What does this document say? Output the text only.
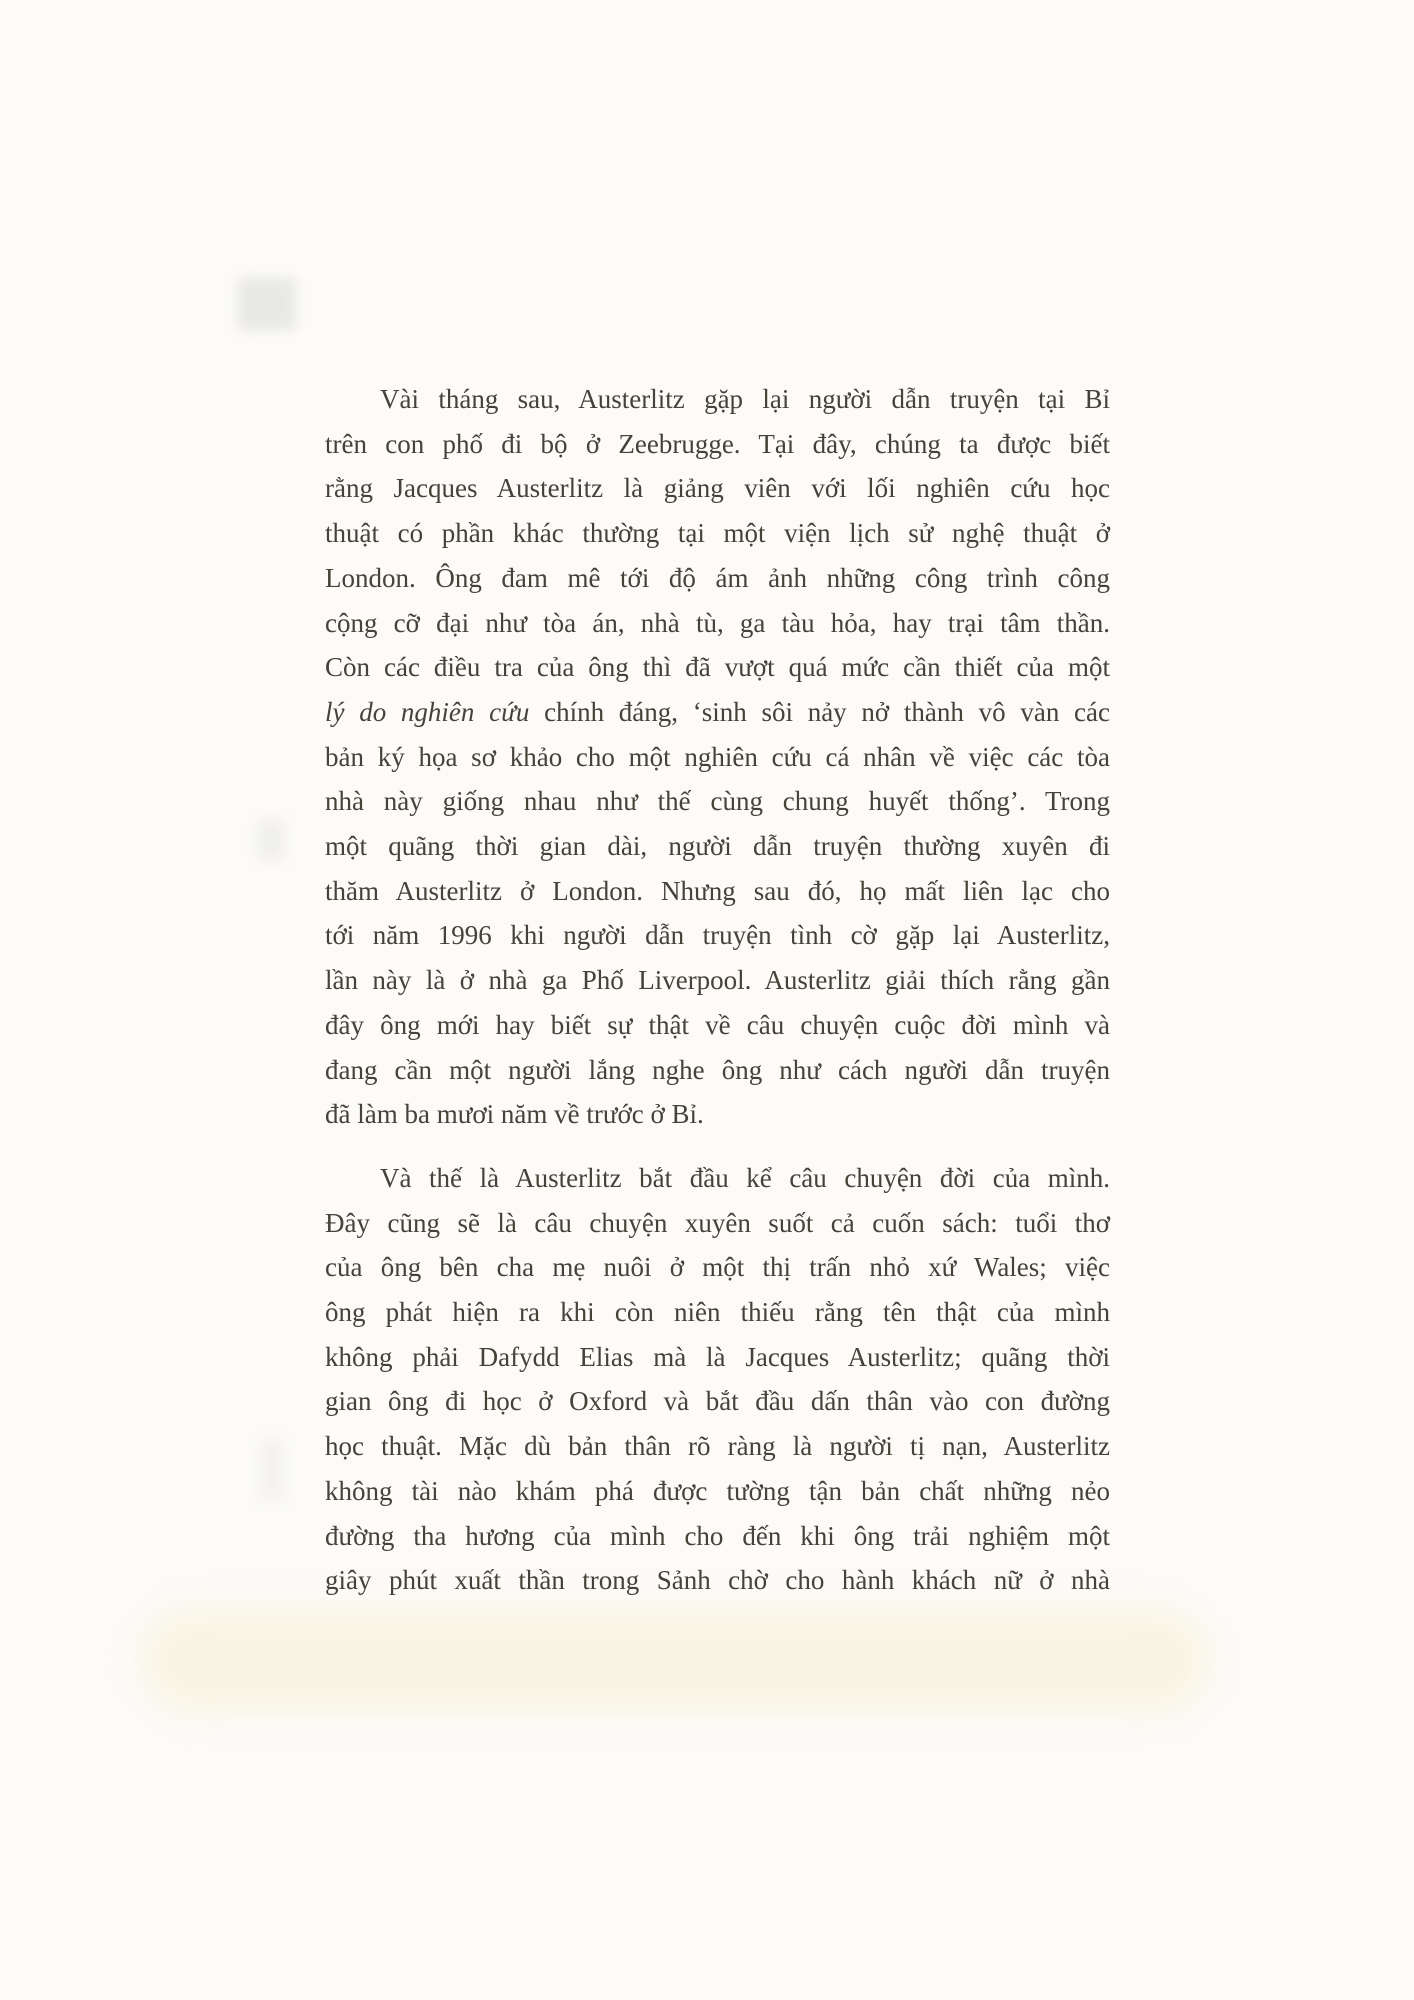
Vài tháng sau, Austerlitz gặp lại người dẫn truyện tại Bỉ
trên con phố đi bộ ở Zeebrugge. Tại đây, chúng ta được biết
rằng Jacques Austerlitz là giảng viên với lối nghiên cứu học
thuật có phần khác thường tại một viện lịch sử nghệ thuật ở
London. Ông đam mê tới độ ám ảnh những công trình công
cộng cỡ đại như tòa án, nhà tù, ga tàu hỏa, hay trại tâm thần.
Còn các điều tra của ông thì đã vượt quá mức cần thiết của một
lý do nghiên cứu chính đáng, ‘sinh sôi nảy nở thành vô vàn các
bản ký họa sơ khảo cho một nghiên cứu cá nhân về việc các tòa
nhà này giống nhau như thế cùng chung huyết thống’. Trong
một quãng thời gian dài, người dẫn truyện thường xuyên đi
thăm Austerlitz ở London. Nhưng sau đó, họ mất liên lạc cho
tới năm 1996 khi người dẫn truyện tình cờ gặp lại Austerlitz,
lần này là ở nhà ga Phố Liverpool. Austerlitz giải thích rằng gần
đây ông mới hay biết sự thật về câu chuyện cuộc đời mình và
đang cần một người lắng nghe ông như cách người dẫn truyện
đã làm ba mươi năm về trước ở Bỉ.
Và thế là Austerlitz bắt đầu kể câu chuyện đời của mình.
Đây cũng sẽ là câu chuyện xuyên suốt cả cuốn sách: tuổi thơ
của ông bên cha mẹ nuôi ở một thị trấn nhỏ xứ Wales; việc
ông phát hiện ra khi còn niên thiếu rằng tên thật của mình
không phải Dafydd Elias mà là Jacques Austerlitz; quãng thời
gian ông đi học ở Oxford và bắt đầu dấn thân vào con đường
học thuật. Mặc dù bản thân rõ ràng là người tị nạn, Austerlitz
không tài nào khám phá được tường tận bản chất những nẻo
đường tha hương của mình cho đến khi ông trải nghiệm một
giây phút xuất thần trong Sảnh chờ cho hành khách nữ ở nhà
